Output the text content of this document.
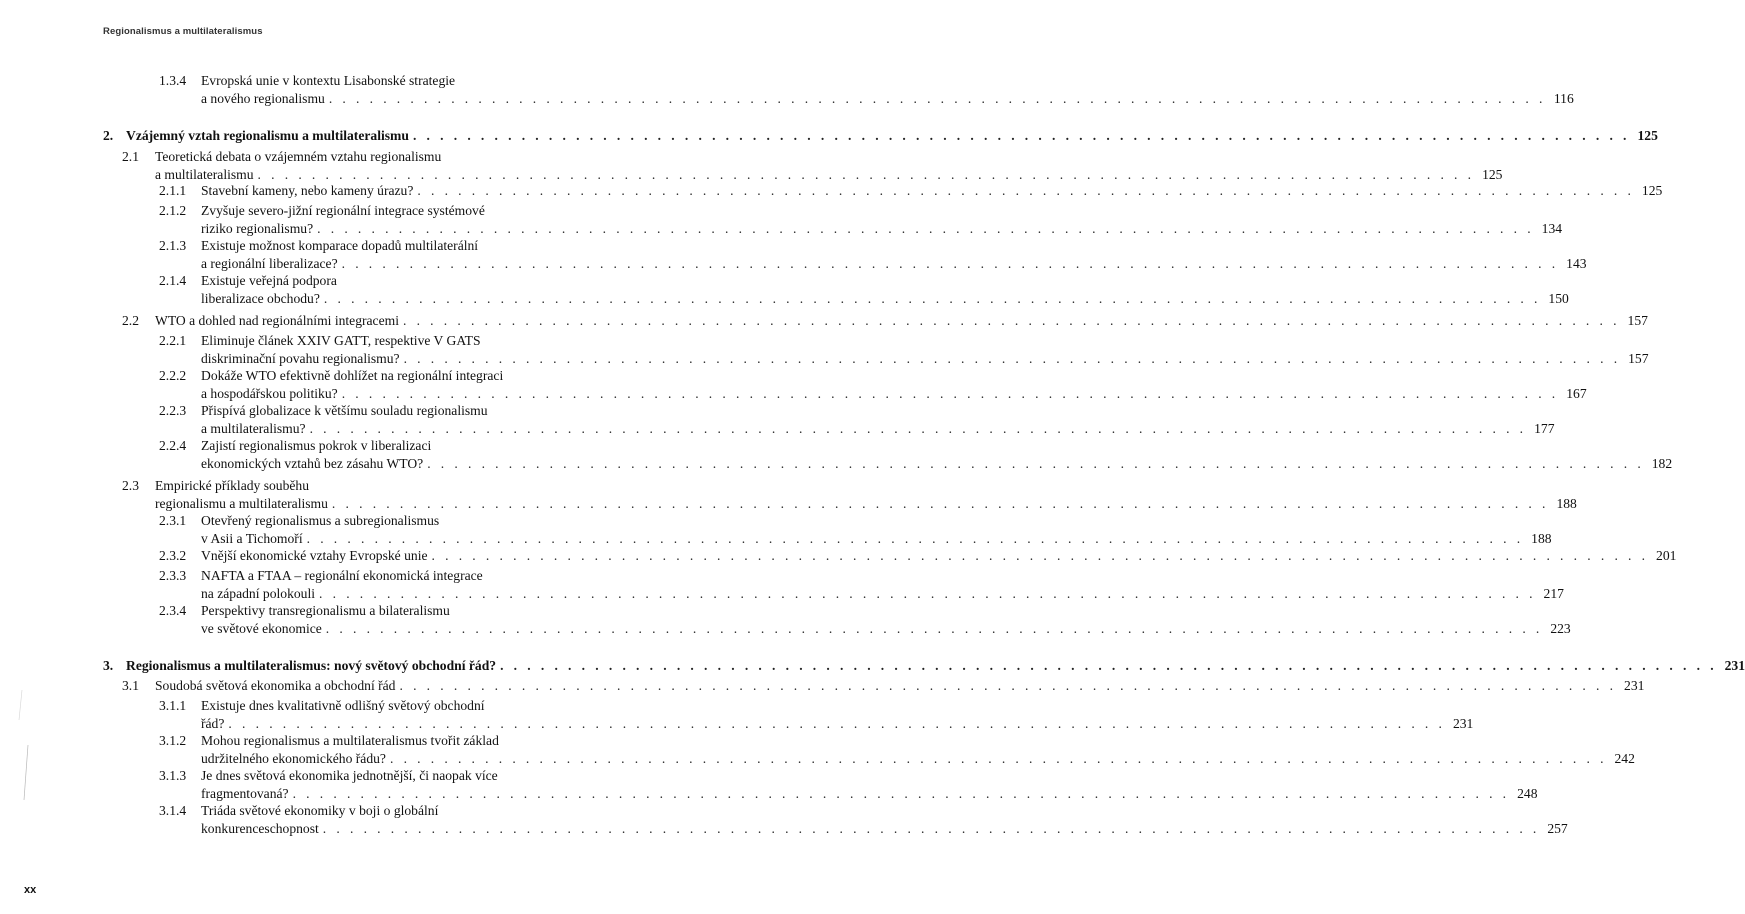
Regionalismus a multilateralismus
1.3.4 Evropská unie v kontextu Lisabonské strategie
a nového regionalismu . . . . . . . . . . . . . . . . . . . . . . . . . . . . . . . . . . . . . . . . . . . . . . . . . . . . . . . . . . . . . . . . . . . . . . . . . . . . . . . . . . . . . . . . . . 116
2. Vzájemný vztah regionalismu a multilateralismu . . . . . . . . . . . . . . . . . . . . . . . . . . . . . . . . . . . . . . . . . . . . . . . . . . . . . . . . . . . . . . . . . . . . . . . . . . . . . . . . . . . . . . . . . . 125
2.1 Teoretická debata o vzájemném vztahu regionalismu
a multilateralismu . . . . . . . . . . . . . . . . . . . . . . . . . . . . . . . . . . . . . . . . . . . . . . . . . . . . . . . . . . . . . . . . . . . . . . . . . . . . . . . . . . . . . . . . . . 125
2.1.1 Stavební kameny, nebo kameny úrazu? . . . . . . . . . . . . . . . . . . . . . . . . . . . . . . . . . . . . . . . . . . . . . . . . . . . . . . . . . . . . . . . . . . . . . . . . . . . . . . . . . . . . . . . . . . 125
2.1.2 Zvyšuje severo-jižní regionální integrace systémové
riziko regionalismu? . . . . . . . . . . . . . . . . . . . . . . . . . . . . . . . . . . . . . . . . . . . . . . . . . . . . . . . . . . . . . . . . . . . . . . . . . . . . . . . . . . . . . . . . . . 134
2.1.3 Existuje možnost komparace dopadů multilaterální
a regionální liberalizace? . . . . . . . . . . . . . . . . . . . . . . . . . . . . . . . . . . . . . . . . . . . . . . . . . . . . . . . . . . . . . . . . . . . . . . . . . . . . . . . . . . . . . . . . . . 143
2.1.4 Existuje veřejná podpora
liberalizace obchodu? . . . . . . . . . . . . . . . . . . . . . . . . . . . . . . . . . . . . . . . . . . . . . . . . . . . . . . . . . . . . . . . . . . . . . . . . . . . . . . . . . . . . . . . . . . 150
2.2 WTO a dohled nad regionálními integracemi . . . . . . . . . . . . . . . . . . . . . . . . . . . . . . . . . . . . . . . . . . . . . . . . . . . . . . . . . . . . . . . . . . . . . . . . . . . . . . . . . . . . . . . . . . 157
2.2.1 Eliminuje článek XXIV GATT, respektive V GATS
diskriminační povahu regionalismu? . . . . . . . . . . . . . . . . . . . . . . . . . . . . . . . . . . . . . . . . . . . . . . . . . . . . . . . . . . . . . . . . . . . . . . . . . . . . . . . . . . . . . . . . . . 157
2.2.2 Dokáže WTO efektivně dohlížet na regionální integraci
a hospodářskou politiku? . . . . . . . . . . . . . . . . . . . . . . . . . . . . . . . . . . . . . . . . . . . . . . . . . . . . . . . . . . . . . . . . . . . . . . . . . . . . . . . . . . . . . . . . . . 167
2.2.3 Přispívá globalizace k většímu souladu regionalismu
a multilateralismu? . . . . . . . . . . . . . . . . . . . . . . . . . . . . . . . . . . . . . . . . . . . . . . . . . . . . . . . . . . . . . . . . . . . . . . . . . . . . . . . . . . . . . . . . . . 177
2.2.4 Zajistí regionalismus pokrok v liberalizaci
ekonomických vztahů bez zásahu WTO? . . . . . . . . . . . . . . . . . . . . . . . . . . . . . . . . . . . . . . . . . . . . . . . . . . . . . . . . . . . . . . . . . . . . . . . . . . . . . . . . . . . . . . . . . . 182
2.3 Empirické příklady souběhu
regionalismu a multilateralismu . . . . . . . . . . . . . . . . . . . . . . . . . . . . . . . . . . . . . . . . . . . . . . . . . . . . . . . . . . . . . . . . . . . . . . . . . . . . . . . . . . . . . . . . . . 188
2.3.1 Otevřený regionalismus a subregionalismus
v Asii a Tichomoří . . . . . . . . . . . . . . . . . . . . . . . . . . . . . . . . . . . . . . . . . . . . . . . . . . . . . . . . . . . . . . . . . . . . . . . . . . . . . . . . . . . . . . . . . . 188
2.3.2 Vnější ekonomické vztahy Evropské unie . . . . . . . . . . . . . . . . . . . . . . . . . . . . . . . . . . . . . . . . . . . . . . . . . . . . . . . . . . . . . . . . . . . . . . . . . . . . . . . . . . . . . . . . . . 201
2.3.3 NAFTA a FTAA – regionální ekonomická integrace
na západní polokouli . . . . . . . . . . . . . . . . . . . . . . . . . . . . . . . . . . . . . . . . . . . . . . . . . . . . . . . . . . . . . . . . . . . . . . . . . . . . . . . . . . . . . . . . . . 217
2.3.4 Perspektivy transregionalismu a bilateralismu
ve světové ekonomice . . . . . . . . . . . . . . . . . . . . . . . . . . . . . . . . . . . . . . . . . . . . . . . . . . . . . . . . . . . . . . . . . . . . . . . . . . . . . . . . . . . . . . . . . . 223
3. Regionalismus a multilateralismus: nový světový obchodní řád? . . . . . . . . . . . . . . . . . . . . . . . . . . . . . . . . . . . . . . . . . . . . . . . . . . . . . . . . . . . . . . . . . . . . . . . . . . . . . . . . . . . . . . . . . . 231
3.1 Soudobá světová ekonomika a obchodní řád . . . . . . . . . . . . . . . . . . . . . . . . . . . . . . . . . . . . . . . . . . . . . . . . . . . . . . . . . . . . . . . . . . . . . . . . . . . . . . . . . . . . . . . . . . 231
3.1.1 Existuje dnes kvalitativně odlišný světový obchodní
řád? . . . . . . . . . . . . . . . . . . . . . . . . . . . . . . . . . . . . . . . . . . . . . . . . . . . . . . . . . . . . . . . . . . . . . . . . . . . . . . . . . . . . . . . . . . 231
3.1.2 Mohou regionalismus a multilateralismus tvořit základ
udržitelného ekonomického řádu? . . . . . . . . . . . . . . . . . . . . . . . . . . . . . . . . . . . . . . . . . . . . . . . . . . . . . . . . . . . . . . . . . . . . . . . . . . . . . . . . . . . . . . . . . . 242
3.1.3 Je dnes světová ekonomika jednotnější, či naopak více
fragmentovaná? . . . . . . . . . . . . . . . . . . . . . . . . . . . . . . . . . . . . . . . . . . . . . . . . . . . . . . . . . . . . . . . . . . . . . . . . . . . . . . . . . . . . . . . . . . 248
3.1.4 Triáda světové ekonomiky v boji o globální
konkurenceschopnost . . . . . . . . . . . . . . . . . . . . . . . . . . . . . . . . . . . . . . . . . . . . . . . . . . . . . . . . . . . . . . . . . . . . . . . . . . . . . . . . . . . . . . . . . . 257
xx
